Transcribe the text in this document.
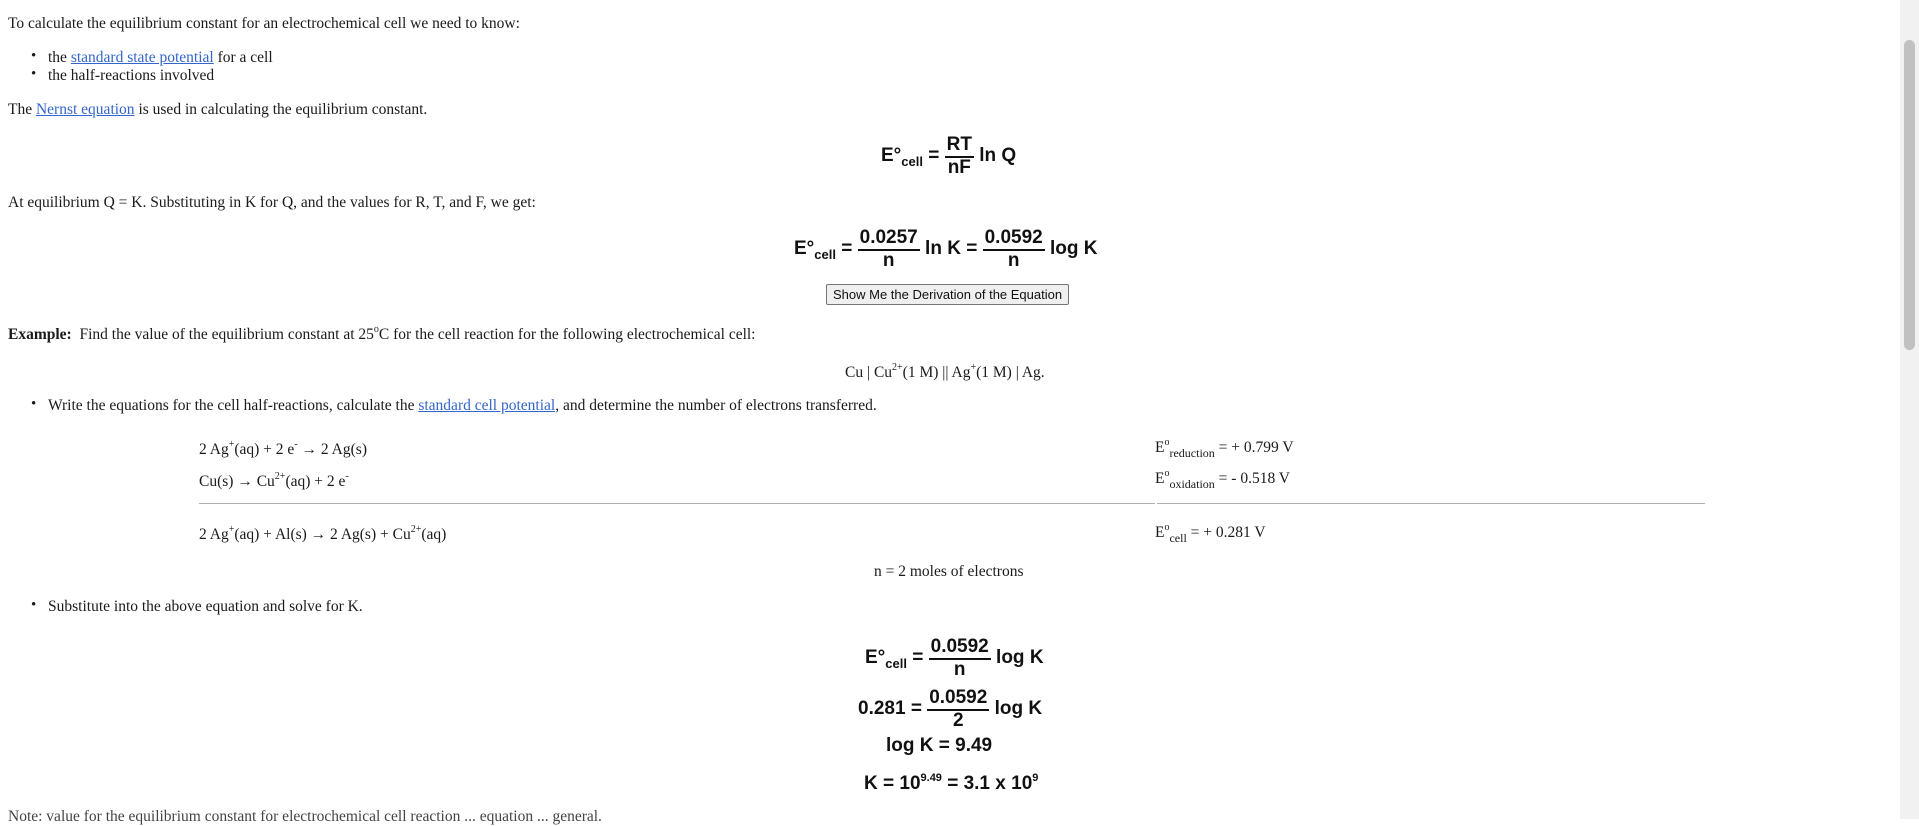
To calculate the equilibrium constant for an electrochemical cell we need to know:
• the standard state potential for a cell
• the half-reactions involved
The Nernst equation is used in calculating the equilibrium constant.
$E^\circ_{cell} = \frac{RT}{nF}$ ln Q
At equilibrium Q = K. Substituting in K for Q, and the values for R, T, and F, we get:
$E^\circ_{cell} = \frac{0.0257}{n}$ $\ln K = \frac{0.0592}{n}$ log K
Show Me the Derivation of the Equation
Example: Find the value of the equilibrium constant at 25$^o$C for the cell reaction for the following electrochemical cell:
Cu | $Cu^{2+}(1$ M) || Ag+(1 M) | Ag.
• Write the equations for the cell half-reactions, calculate the standard cell potential, and determine the number of electrons transferred.
2 Ag+(aq) + 2 e- → 2 Ag(s)	$E^o_{reduction}$ = + 0.799 V
$Cu(s) \to Cu^{2+}(aq) + 2$ e-	$E^o_{oxidation}$ = - 0.518 V
2 Ag+(aq) + Al(s) → 2 $Ag(s) + Cu^{2+}(aq)$	$E^o_{cell}$ = + 0.281 V
n = 2 moles of electrons
• Substitute into the above equation and solve for K.
$E^\circ_{cell} = \frac{0.0592}{n}$ log K
$0.281 = \frac{0.0592}{2}$ log K
log K = 9.49
$K = 10^{9.49} = 3.1$ x $10^9$
Note: value for the equilibrium constant for electrochemical cell reaction ... equation ... general.
